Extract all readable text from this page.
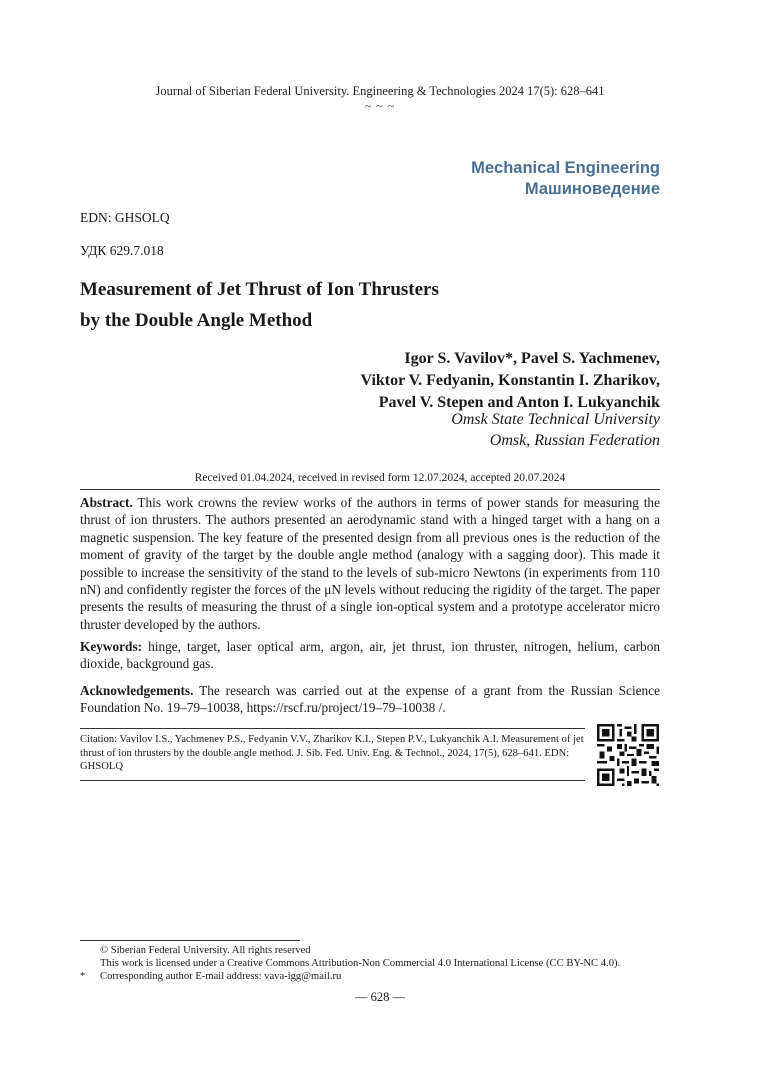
Journal of Siberian Federal University. Engineering & Technologies 2024 17(5): 628–641
~ ~ ~
Mechanical Engineering
Машиноведение
EDN: GHSOLQ
УДК 629.7.018
Measurement of Jet Thrust of Ion Thrusters
by the Double Angle Method
Igor S. Vavilov*, Pavel S. Yachmenev,
Viktor V. Fedyanin, Konstantin I. Zharikov,
Pavel V. Stepen and Anton I. Lukyanchik
Omsk State Technical University
Omsk, Russian Federation
Received 01.04.2024, received in revised form 12.07.2024, accepted 20.07.2024
Abstract. This work crowns the review works of the authors in terms of power stands for measuring the thrust of ion thrusters. The authors presented an aerodynamic stand with a hinged target with a hang on a magnetic suspension. The key feature of the presented design from all previous ones is the reduction of the moment of gravity of the target by the double angle method (analogy with a sagging door). This made it possible to increase the sensitivity of the stand to the levels of sub-micro Newtons (in experiments from 110 nN) and confidently register the forces of the μN levels without reducing the rigidity of the target. The paper presents the results of measuring the thrust of a single ion-optical system and a prototype accelerator micro thruster developed by the authors.
Keywords: hinge, target, laser optical arm, argon, air, jet thrust, ion thruster, nitrogen, helium, carbon dioxide, background gas.
Acknowledgements. The research was carried out at the expense of a grant from the Russian Science Foundation No. 19–79–10038, https://rscf.ru/project/19–79–10038 /.
Citation: Vavilov I.S., Yachmenev P.S., Fedyanin V.V., Zharikov K.I., Stepen P.V., Lukyanchik A.I. Measurement of jet thrust of ion thrusters by the double angle method. J. Sib. Fed. Univ. Eng. & Technol., 2024, 17(5), 628–641. EDN: GHSOLQ
© Siberian Federal University. All rights reserved
This work is licensed under a Creative Commons Attribution-Non Commercial 4.0 International License (CC BY-NC 4.0).
* Corresponding author E-mail address: vava-igg@mail.ru
— 628 —
